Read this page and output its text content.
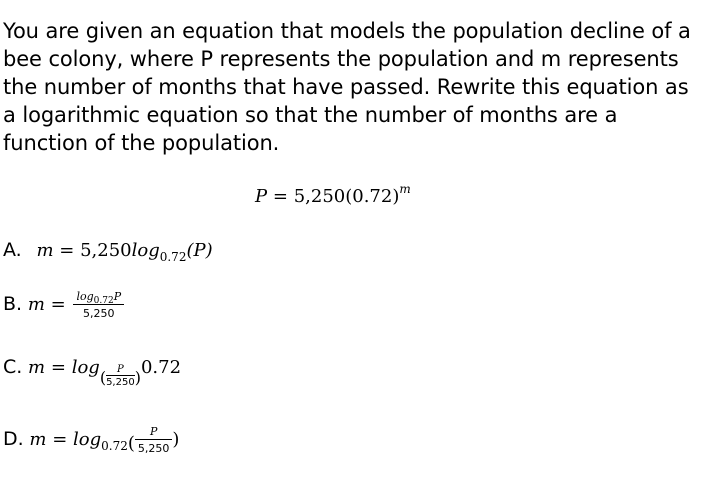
You are given an equation that models the population decline of a bee colony, where P represents the population and m represents the number of months that have passed. Rewrite this equation as a logarithmic equation so that the number of months are a function of the population.
$P = 5,250(0.72)^m$
A. $m = 5,250\log_{0.72}(P)$
B. $m = \frac{\log_{0.72}P}{5,250}$
C. $m = \log( \frac{P}{5,250} )0.72$
D. $m = \log_{0.72}( \frac{P}{5,250}$ )
